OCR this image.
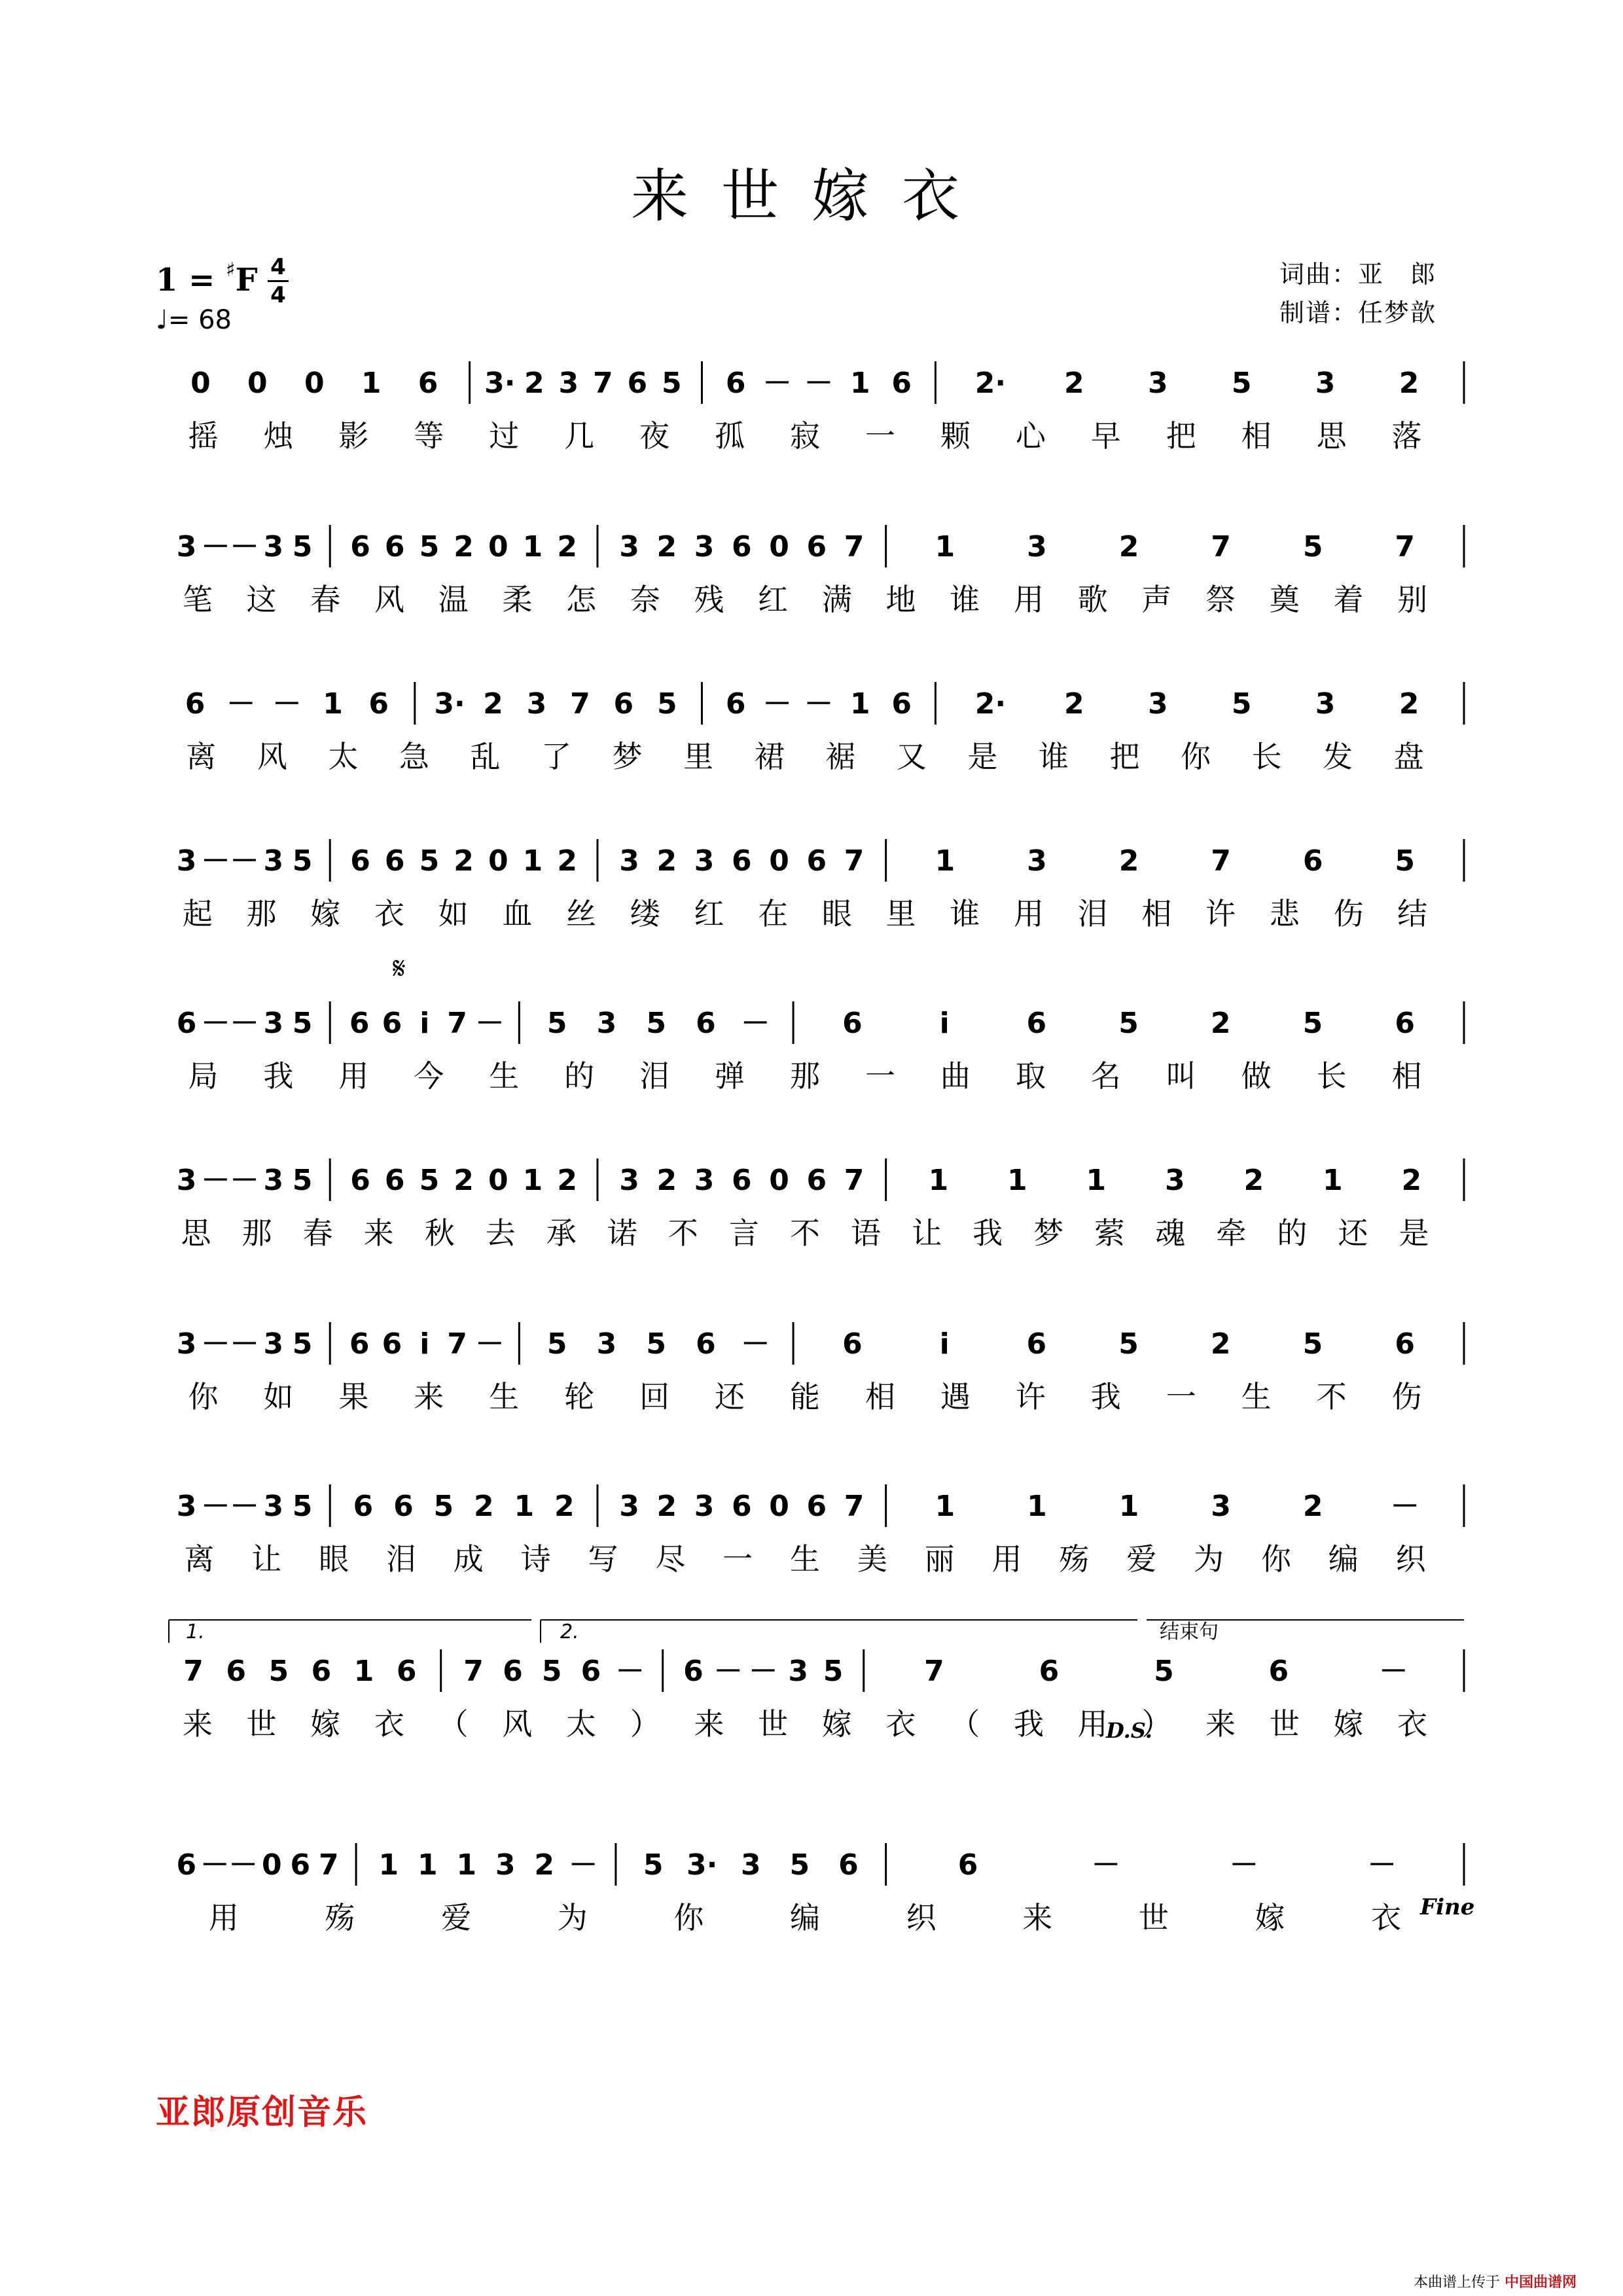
0 0 0 1 6 3· 2 3 7 6 5 6 － － 1 6 2· 2 3 5 3 2
摇 烛 影 等 过 几 夜 孤 寂 一 颗 心 早 把 相 思 落
3 － － 3 5 6 6 5 2 0 1 2 3 2 3 6 0 6 7 1 3 2 7 5 7
笔 这 春 风 温 柔 怎 奈 残 红 满 地 谁 用 歌 声 祭 奠 着 别
6 － － 1 6 3· 2 3 7 6 5 6 － － 1 6 2· 2 3 5 3 2
离 风 太 急 乱 了 梦 里 裙 裾 又 是 谁 把 你 长 发 盘
3 － － 3 5 6 6 5 2 0 1 2 3 2 3 6 0 6 7 1 3 2 7 6 5
起 那 嫁 衣 如 血 丝 缕 红 在 眼 里 谁 用 泪 相 许 悲 伤 结
6 － － 3 5 6 6 i 7 － 5 3 5 6 －	6	i	6	5	2	5	6
局 我 用 今 生 的 泪 弹 那 一 曲 取 名 叫 做 长 相
3 － － 3 5 6 6 5 2 0 1 2 3 2 3 6 0 6 7 1 1 1 3 2 1 2
思 那 春 来 秋 去 承 诺 不 言 不 语 让 我 梦 萦 魂 牵 的 还 是
3 － － 3 5 6 6 i 7 － 5 3 5 6 －	6	i	6	5	2	5	6
你 如 果 来 生 轮 回 还 能 相 遇 许 我 一 生 不 伤
3 － － 3 5 6 6 5 2 1 2 3 2 3 6 0 6 7 1 1 1 3 2 －
离 让 眼 泪 成 诗 写 尽 一 生 美 丽 用 殇 爱 为 你 编 织
7 6 5 6 1 6 7 6 5 6 － 6 － － 3 5	7	6	5	6	－
来 世 嫁 衣 （ 风 太 ） 来 世 嫁 衣 （ 我 用 ） 来 世 嫁 衣
6 － － 0 6 7 1 1 1 3 2 － 5 3· 3 5 6	6	－	－	－
用	殇	爱	为	你	编	织	来	世	嫁	衣
1.	2.	结束句
𝄋
D.S.
Fine
来世嫁衣
1 = ♯F 4
4
♩= 68
词曲：亚　郎
制谱：任梦歆
亚郎原创音乐
本曲谱上传于 中国曲谱网
